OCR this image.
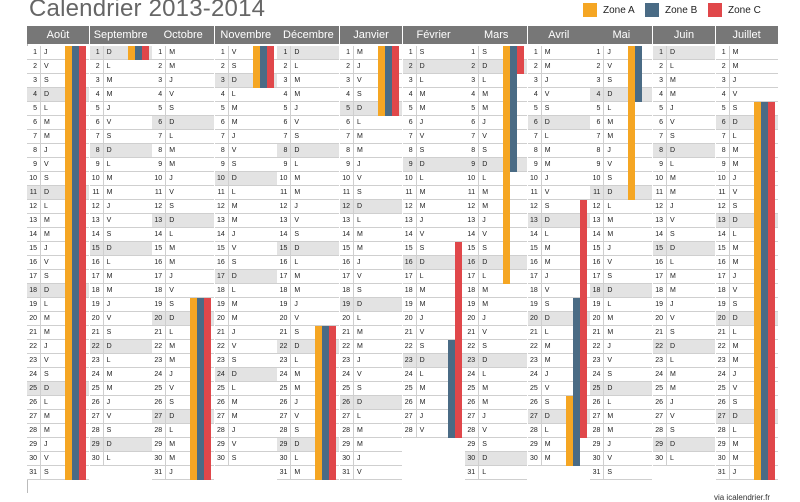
Calendrier 2013-2014	Zone A	Zone B	Zone C
Août
1	J
2	V
3	S
4	D
5	L
6	M
7	M
8	J
9	V
10	S
11	D
12	L
13	M
14	M
15	J
16	V
17	S
18	D
19	L
20	M
21	M
22	J
23	V
24	S
25	D
26	L
27	M
28	M
29	J
30	V
31	S
Septembre
1	D
2	L
3	M
4	M
5	J
6	V
7	S
8	D
9	L
10	M
11	M
12	J
13	V
14	S
15	D
16	L
17	M
18	M
19	J
20	V
21	S
22	D
23	L
24	M
25	M
26	J
27	V
28	S
29	D
30	L
Octobre
1	M
2	M
3	J
4	V
5	S
6	D
7	L
8	M
9	M
10	J
11	V
12	S
13	D
14	L
15	M
16	M
17	J
18	V
19	S
20	D
21	L
22	M
23	M
24	J
25	V
26	S
27	D
28	L
29	M
30	M
31	J
Novembre
1	V
2	S
3	D
4	L
5	M
6	M
7	J
8	V
9	S
10	D
11	L
12	M
13	M
14	J
15	V
16	S
17	D
18	L
19	M
20	M
21	J
22	V
23	S
24	D
25	L
26	M
27	M
28	J
29	V
30	S
Décembre
1	D
2	L
3	M
4	M
5	J
6	V
7	S
8	D
9	L
10	M
11	M
12	J
13	V
14	S
15	D
16	L
17	M
18	M
19	J
20	V
21	S
22	D
23	L
24	M
25	M
26	J
27	V
28	S
29	D
30	L
31	M
Janvier
1	M
2	J
3	V
4	S
5	D
6	L
7	M
8	M
9	J
10	V
11	S
12	D
13	L
14	M
15	M
16	J
17	V
18	S
19	D
20	L
21	M
22	M
23	J
24	V
25	S
26	D
27	L
28	M
29	M
30	J
31	V
Février
1	S
2	D
3	L
4	M
5	M
6	J
7	V
8	S
9	D
10	L
11	M
12	M
13	J
14	V
15	S
16	D
17	L
18	M
19	M
20	J
21	V
22	S
23	D
24	L
25	M
26	M
27	J
28	V
Mars
1	S
2	D
3	L
4	M
5	M
6	J
7	V
8	S
9	D
10	L
11	M
12	M
13	J
14	V
15	S
16	D
17	L
18	M
19	M
20	J
21	V
22	S
23	D
24	L
25	M
26	M
27	J
28	V
29	S
30	D
31	L
Avril
1	M
2	M
3	J
4	V
5	S
6	D
7	L
8	M
9	M
10	J
11	V
12	S
13	D
14	L
15	M
16	M
17	J
18	V
19	S
20	D
21	L
22	M
23	M
24	J
25	V
26	S
27	D
28	L
29	M
30	M
Mai
1	J
2	V
3	S
4	D
5	L
6	M
7	M
8	J
9	V
10	S
11	D
12	L
13	M
14	M
15	J
16	V
17	S
18	D
19	L
20	M
21	M
22	J
23	V
24	S
25	D
26	L
27	M
28	M
29	J
30	V
31	S
Juin
1	D
2	L
3	M
4	M
5	J
6	V
7	S
8	D
9	L
10	M
11	M
12	J
13	V
14	S
15	D
16	L
17	M
18	M
19	J
20	V
21	S
22	D
23	L
24	M
25	M
26	J
27	V
28	S
29	D
30	L
Juillet
1	M
2	M
3	J
4	V
5	S
6	D
7	L
8	M
9	M
10	J
11	V
12	S
13	D
14	L
15	M
16	M
17	J
18	V
19	S
20	D
21	L
22	M
23	M
24	J
25	V
26	S
27	D
28	L
29	M
30	M
31	J
via icalendrier.fr
